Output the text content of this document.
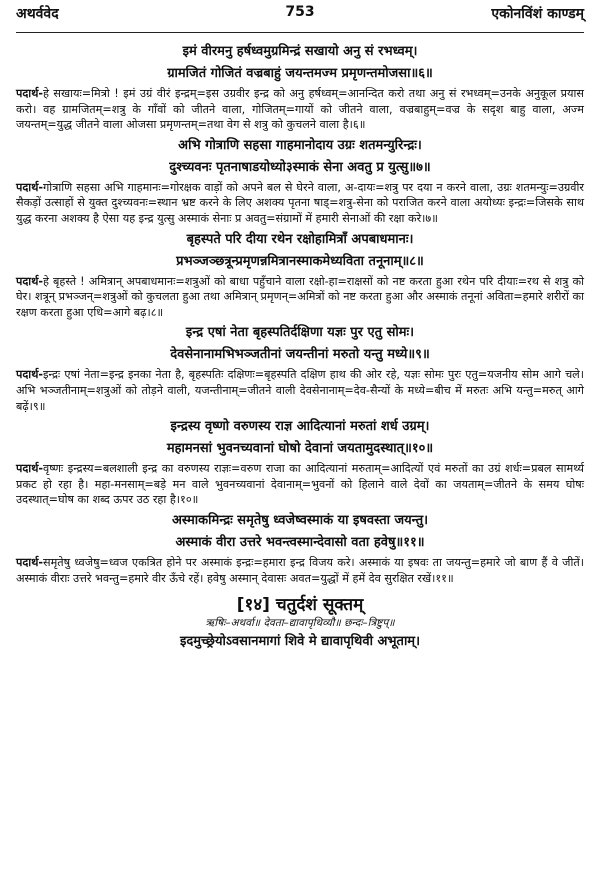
अथर्ववेद	753	एकोनविंशं काण्डम्
इमं वीरमनु हर्षध्वमुग्रमिन्द्रं सखायो अनु सं रभध्वम्।
ग्रामजितं गोजितं वज्रबाहुं जयन्तमज्म प्रमृणन्तमोजसा॥६॥
पदार्थ-हे सखायः=मित्रो ! इमं उग्रं वीरं इन्द्रम्=इस उग्रवीर इन्द्र को अनु हर्षध्वम्=आनन्दित करो तथा अनु सं रभध्वम्=उनके अनुकूल प्रयास करो। वह ग्रामजितम्=शत्रु के गाँवों को जीतने वाला, गोजितम्=गायों को जीतने वाला, वज्रबाहुम्=वज्र के सदृश बाहु वाला, अज्म जयन्तम्=युद्ध जीतने वाला ओजसा प्रमृणन्तम्=तथा वेग से शत्रु को कुचलने वाला है।६॥
अभि गोत्राणि सहसा गाहमानोदाय उग्रः शतमन्युरिन्द्रः।
दुश्च्यवनः पृतनाषाडयोध्यो३स्माकं सेना अवतु प्र युत्सु॥७॥
पदार्थ-गोत्राणि सहसा अभि गाहमानः=गोरक्षक वाड़ों को अपने बल से घेरने वाला, अ-दायः=शत्रु पर दया न करने वाला, उग्रः शतमन्युः=उग्रवीर सैकड़ों उत्साहों से युक्त दुश्च्यवनः=स्थान भ्रष्ट करने के लिए अशक्य पृतना षाड्=शत्रु-सेना को पराजित करने वाला अयोध्यः इन्द्रः=जिसके साथ युद्ध करना अशक्य है ऐसा यह इन्द्र युत्सु अस्माकं सेनाः प्र अवतु=संग्रामों में हमारी सेनाओं की रक्षा करे।७॥
बृहस्पते परि दीया रथेन रक्षोहामित्राँ अपबाधमानः।
प्रभञ्जञ्छत्रून्प्रमृणन्नमित्रानस्माकमेध्यविता तनूनाम्॥८॥
पदार्थ-हे बृहस्ते ! अमित्रान् अपबाधमानः=शत्रुओं को बाधा पहुँचाने वाला रक्षो-हा=राक्षसों को नष्ट करता हुआ रथेन परि दीयाः=रथ से शत्रु को घेर। शत्रून् प्रभञ्जन्=शत्रुओं को कुचलता हुआ तथा अमित्रान् प्रमृणन्=अमित्रों को नष्ट करता हुआ और अस्माकं तनूनां अविता=हमारे शरीरों का रक्षण करता हुआ एधि=आगे बढ़।८॥
इन्द्र एषां नेता बृहस्पतिर्दक्षिणा यज्ञः पुर एतु सोमः।
देवसेनानामभिभञ्जतीनां जयन्तीनां मरुतो यन्तु मध्ये॥९॥
पदार्थ-इन्द्रः एषां नेता=इन्द्र इनका नेता है, बृहस्पतिः दक्षिणः=बृहस्पति दक्षिण हाथ की ओर रहे, यज्ञः सोमः पुरः एतु=यजनीय सोम आगे चले। अभि भञ्जतीनाम्=शत्रुओं को तोड़ने वाली, यजन्तीनाम्=जीतने वाली देवसेनानाम्=देव-सैन्यों के मध्ये=बीच में मरुतः अभि यन्तु=मरुत् आगे बढ़ें।९॥
इन्द्रस्य वृष्णो वरुणस्य राज्ञ आदित्यानां मरुतां शर्ध उग्रम्।
महामनसां भुवनच्यवानां घोषो देवानां जयतामुदस्थात्॥१०॥
पदार्थ-वृष्णः इन्द्रस्य=बलशाली इन्द्र का वरुणस्य राज्ञः=वरुण राजा का आदित्यानां मरुताम्=आदित्यों एवं मरुतों का उग्रं शर्धः=प्रबल सामर्थ्य प्रकट हो रहा है। महा-मनसाम्=बड़े मन वाले भुवनच्यवानां देवानाम्=भुवनों को हिलाने वाले देवों का जयताम्=जीतने के समय घोषः उदस्थात्=घोष का शब्द ऊपर उठ रहा है।१०॥
अस्माकमिन्द्रः समृतेषु ध्वजेष्वस्माकं या इषवस्ता जयन्तु।
अस्माकं वीरा उत्तरे भवन्त्वस्मान्देवासो वता हवेषु॥११॥
पदार्थ-समृतेषु ध्वजेषु=ध्वज एकत्रित होने पर अस्माकं इन्द्रः=हमारा इन्द्र विजय करे। अस्माकं या इषवः ता जयन्तु=हमारे जो बाण हैं वे जीतें। अस्माकं वीराः उत्तरे भवन्तु=हमारे वीर ऊँचे रहें। हवेषु अस्मान् देवासः अवत=युद्धों में हमें देव सुरक्षित रखें।११॥
[१४] चतुर्दशं सूक्तम्
ऋषिः–अथर्वा॥ देवता–द्यावापृथिव्यौ॥ छन्दः–त्रिष्टुप्॥
इदमुच्छ्रेयोऽवसानमागां शिवे मे द्यावापृथिवी अभूताम्।
